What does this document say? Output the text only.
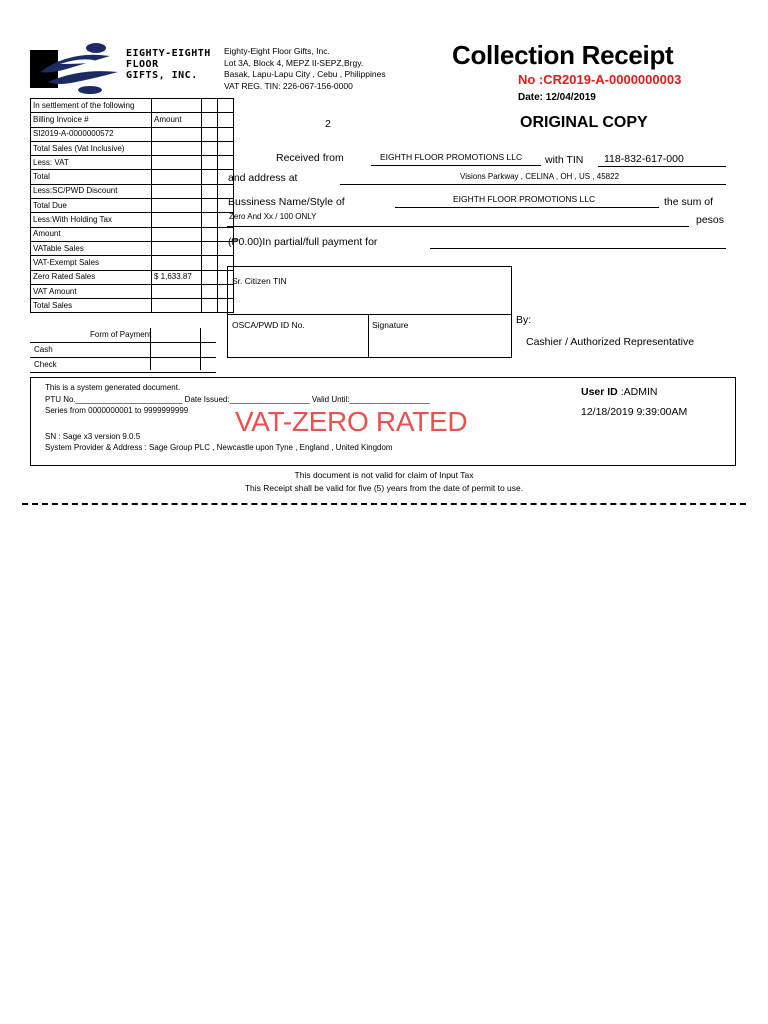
EIGHTY-EIGHTH
FLOOR
GIFTS, INC.
Eighty-Eight Floor Gifts, Inc.
Lot 3A, Block 4, MEPZ II-SEPZ,Brgy.
Basak, Lapu-Lapu City , Cebu , Philippines
VAT REG. TIN: 226-067-156-0000
Collection Receipt
No :CR2019-A-0000000003
Date: 12/04/2019
ORIGINAL COPY
2
In settlement of the following			
Billing Invoice #	Amount		
SI2019-A-0000000572			
Total Sales (Vat Inclusive)			
Less: VAT			
Total			
Less:SC/PWD Discount			
Total Due			
Less:With Holding Tax			
Amount			
VATable Sales			
VAT-Exempt Sales			
Zero Rated Sales	$ 1,633.87		
VAT Amount			
Total Sales			
Form of Payment
Cash
Check
Received from	EIGHTH FLOOR PROMOTIONS LLC with TIN 118-832-617-000
and address at	Visions Parkway , CELINA , OH , US , 45822
Bussiness Name/Style of	EIGHTH FLOOR PROMOTIONS LLC	the sum of
Zero And Xx / 100 ONLY	pesos
(₱0.00)In partial/full payment for
Sr. Citizen TIN
OSCA/PWD ID No.	Signature	By:
Cashier / Authorized Representative
This is a system generated document.
PTU No.________________________ Date Issued:__________________ Valid Until:__________________
Series from 0000000001 to 9999999999
SN : Sage x3 version 9.0.5
System Provider & Address : Sage Group PLC , Newcastle upon Tyne , England , United Kingdom
VAT-ZERO RATED
User ID :ADMIN
12/18/2019 9:39:00AM
This document is not valid for claim of Input Tax
This Receipt shall be valid for five (5) years from the date of permit to use.
